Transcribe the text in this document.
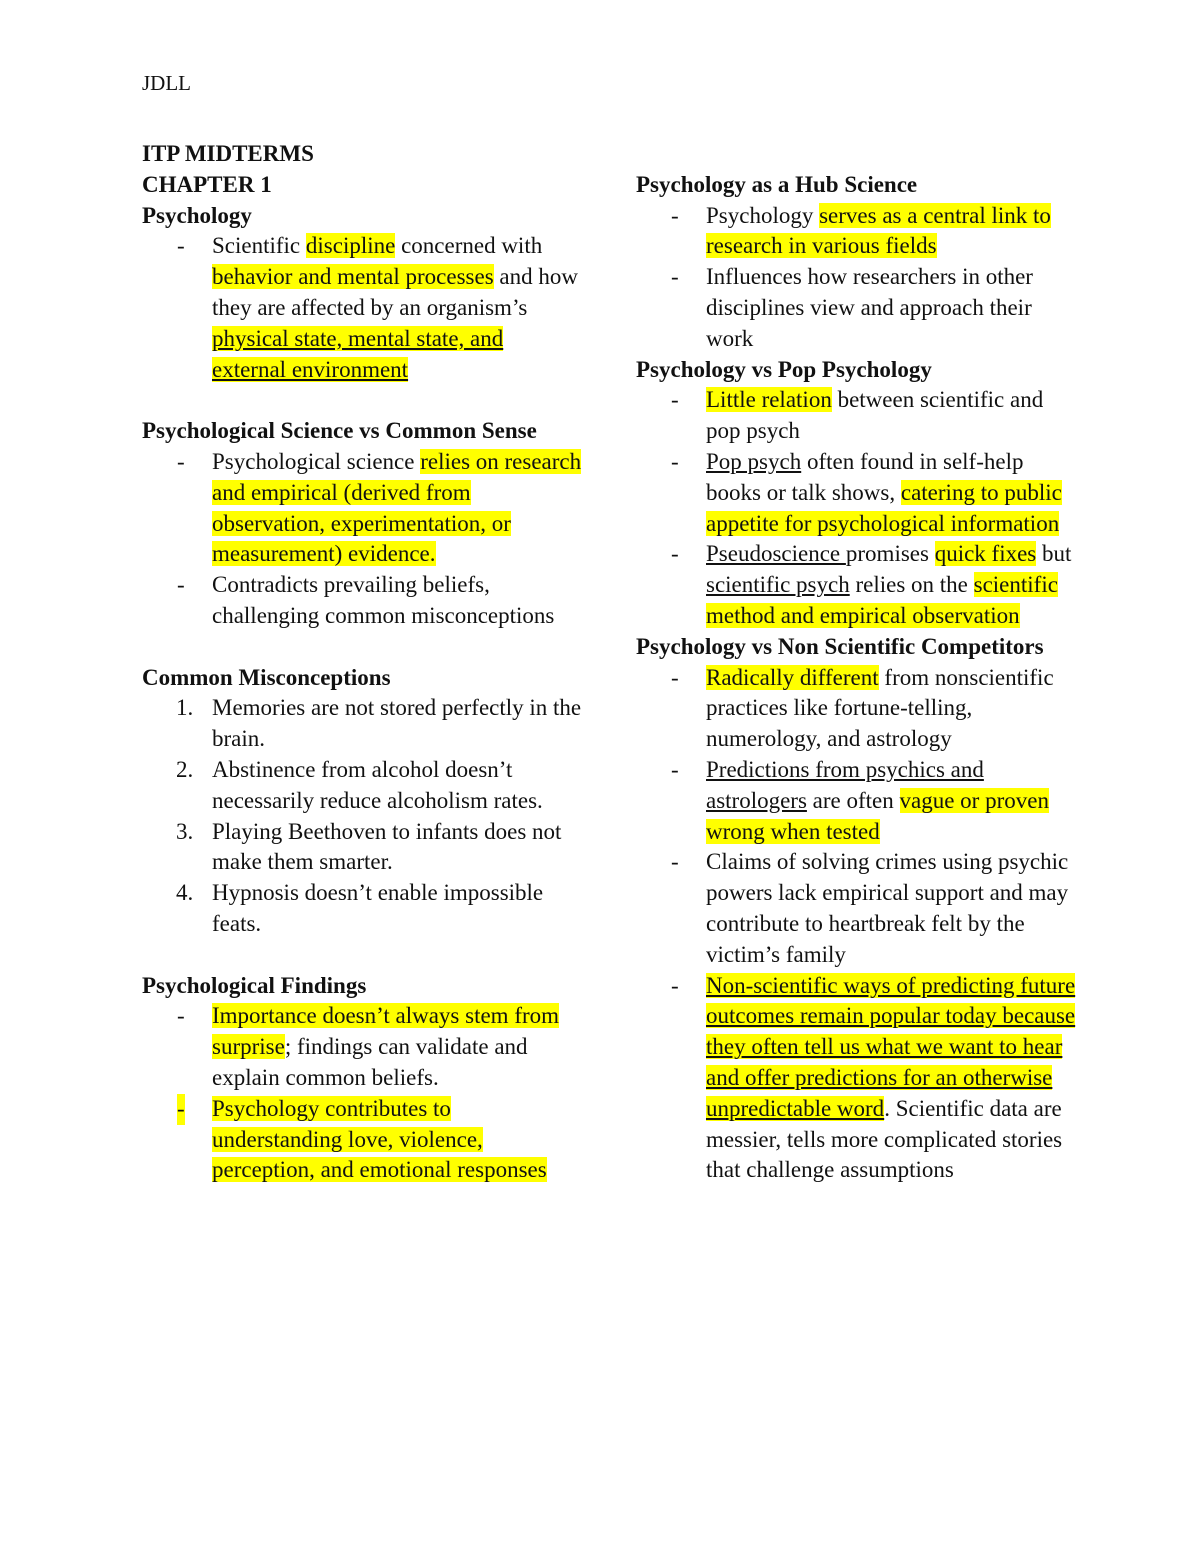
JDLL
ITP MIDTERMS
CHAPTER 1
Psychology
- Scientific discipline concerned with behavior and mental processes and how they are affected by an organism’s physical state, mental state, and external environment
Psychological Science vs Common Sense
- Psychological science relies on research and empirical (derived from observation, experimentation, or measurement) evidence.
- Contradicts prevailing beliefs, challenging common misconceptions
Common Misconceptions
1. Memories are not stored perfectly in the brain.
2. Abstinence from alcohol doesn’t necessarily reduce alcoholism rates.
3. Playing Beethoven to infants does not make them smarter.
4. Hypnosis doesn’t enable impossible feats.
Psychological Findings
- Importance doesn’t always stem from surprise; findings can validate and explain common beliefs.
- Psychology contributes to understanding love, violence, perception, and emotional responses
Psychology as a Hub Science
- Psychology serves as a central link to research in various fields
- Influences how researchers in other disciplines view and approach their work
Psychology vs Pop Psychology
- Little relation between scientific and pop psych
- Pop psych often found in self-help books or talk shows, catering to public appetite for psychological information
- Pseudoscience promises quick fixes but scientific psych relies on the scientific method and empirical observation
Psychology vs Non Scientific Competitors
- Radically different from nonscientific practices like fortune-telling, numerology, and astrology
- Predictions from psychics and astrologers are often vague or proven wrong when tested
- Claims of solving crimes using psychic powers lack empirical support and may contribute to heartbreak felt by the victim’s family
- Non-scientific ways of predicting future outcomes remain popular today because they often tell us what we want to hear and offer predictions for an otherwise unpredictable word. Scientific data are messier, tells more complicated stories that challenge assumptions
